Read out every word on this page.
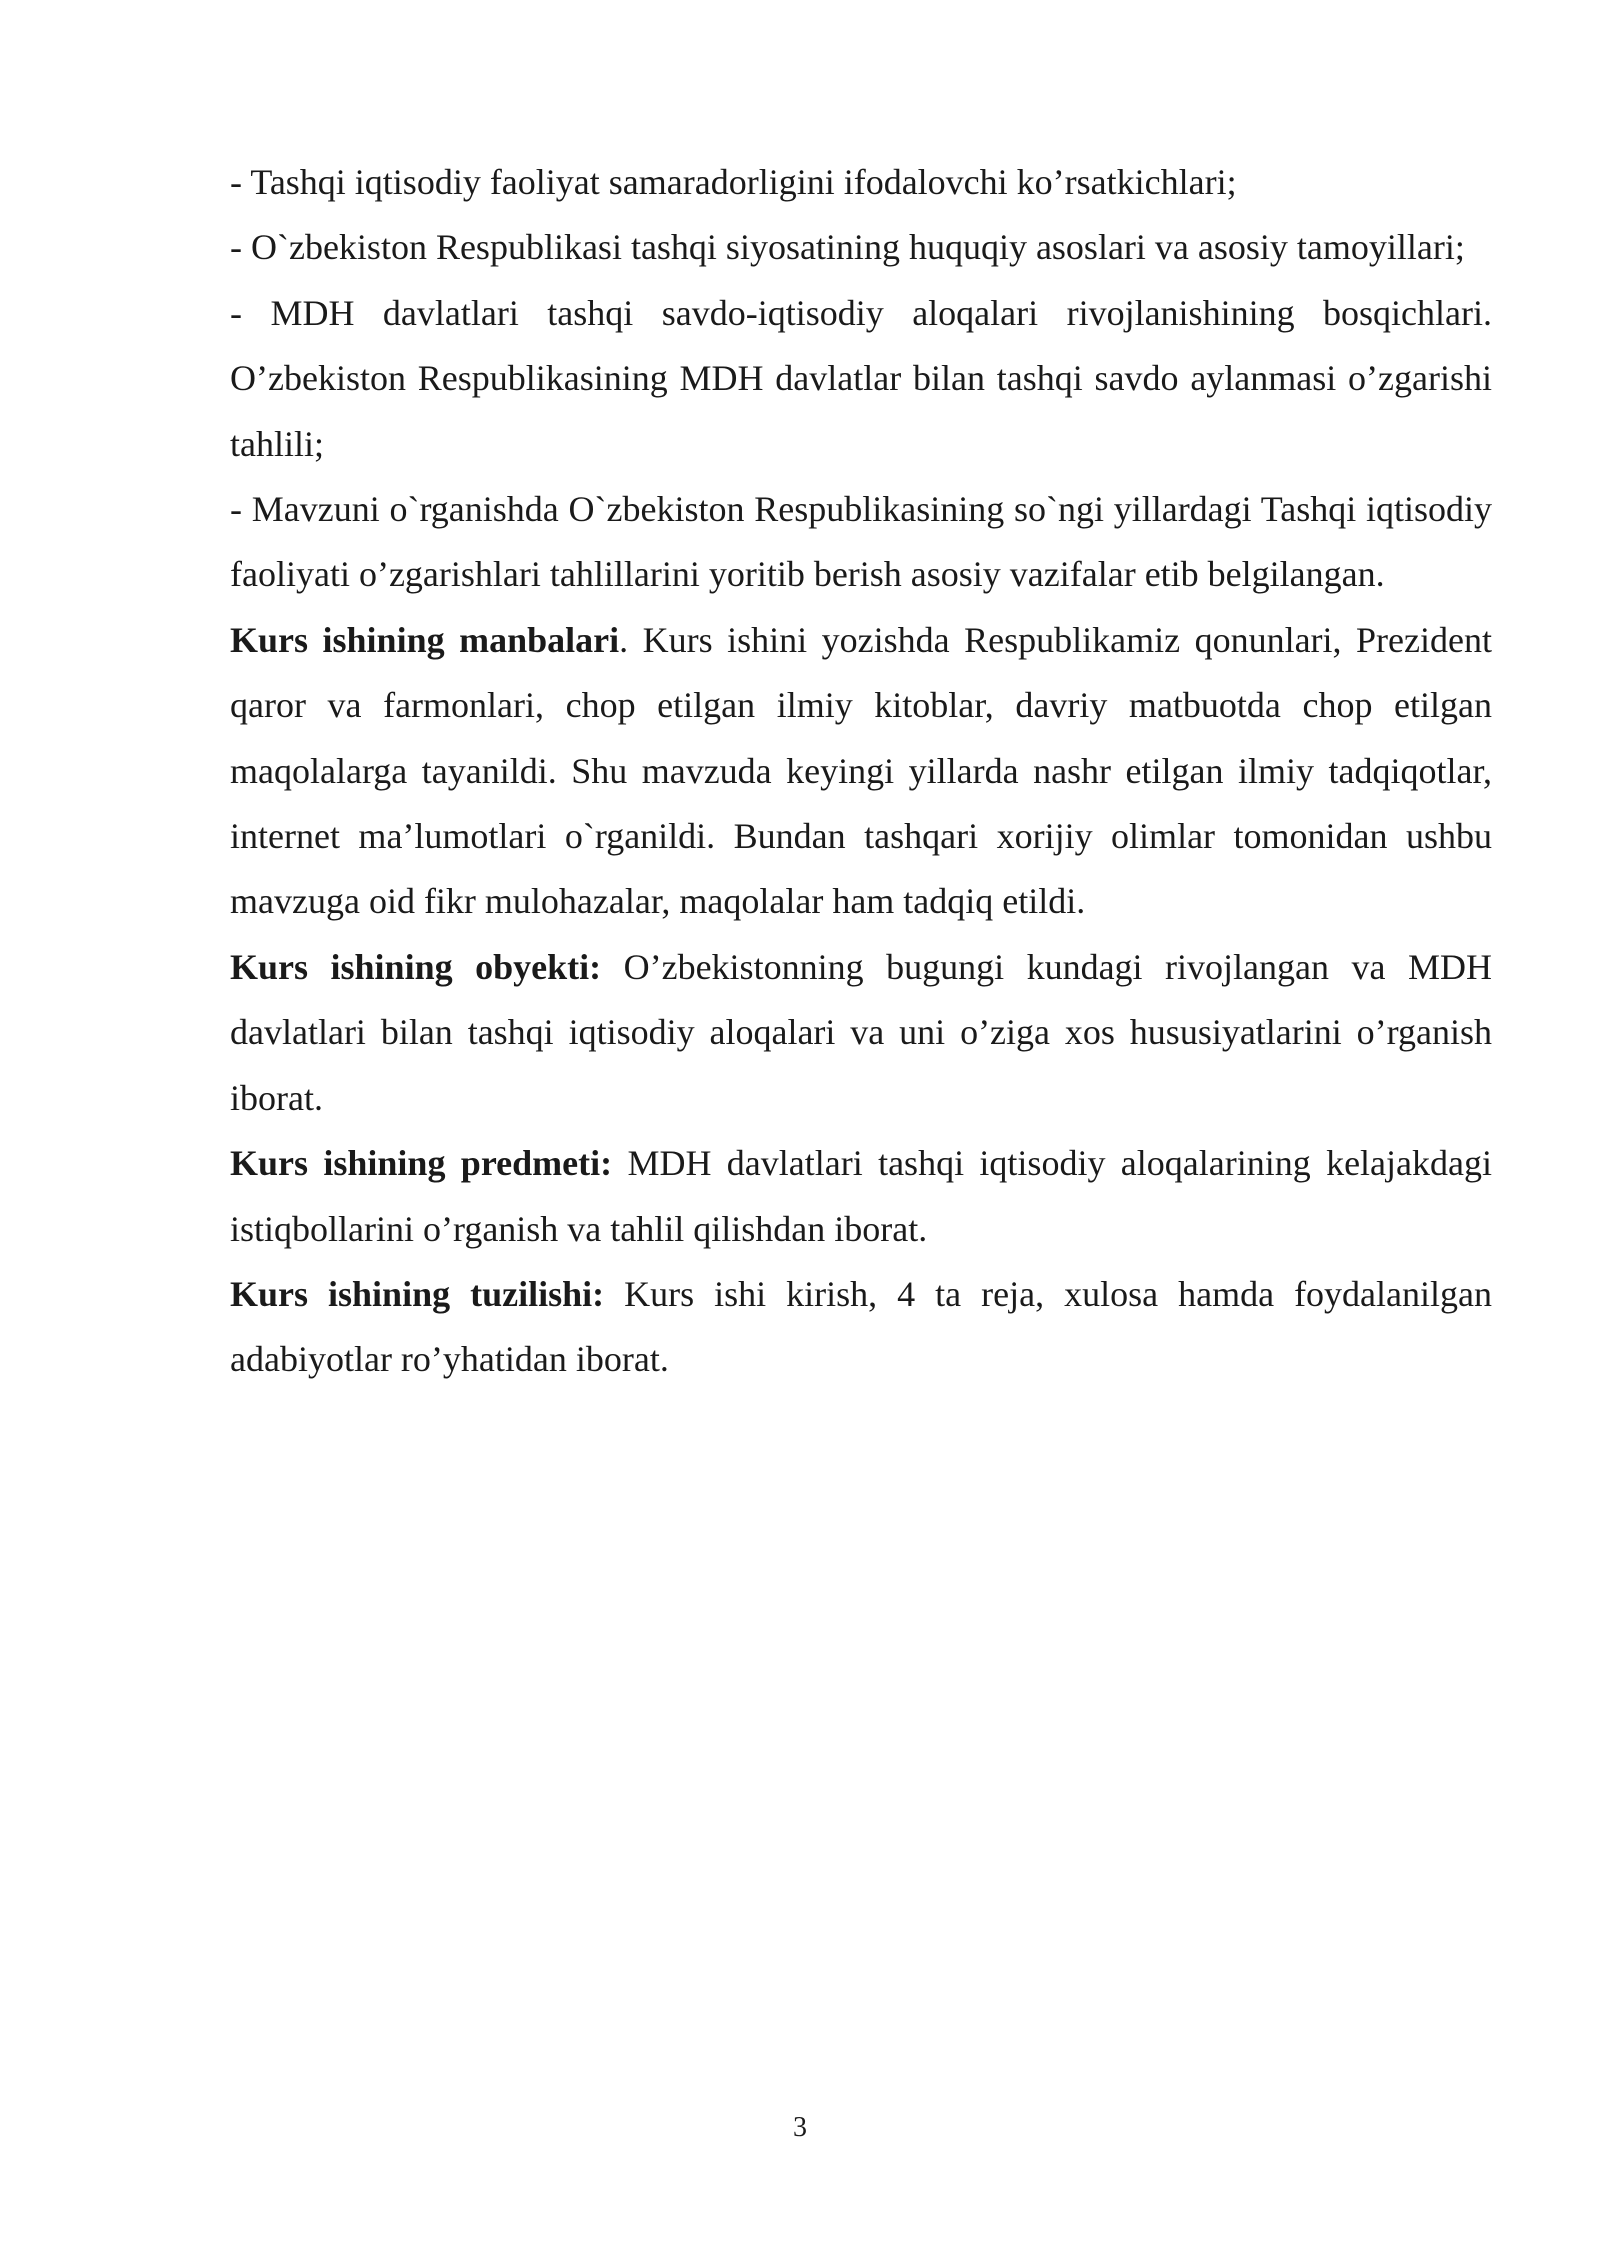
- Tashqi iqtisodiy faoliyat samaradorligini ifodalovchi ko’rsatkichlari;

- O`zbekiston Respublikasi tashqi siyosatining huquqiy asoslari va asosiy tamoyillari;

- MDH davlatlari tashqi savdo-iqtisodiy aloqalari rivojlanishining bosqichlari. O’zbekiston Respublikasining MDH davlatlar bilan tashqi savdo aylanmasi o’zgarishi tahlili;

- Mavzuni o`rganishda O`zbekiston Respublikasining so`ngi yillardagi Tashqi iqtisodiy faoliyati o’zgarishlari tahlillarini yoritib berish asosiy vazifalar etib belgilangan.

Kurs ishining manbalari. Kurs ishini yozishda Respublikamiz qonunlari, Prezident qaror va farmonlari, chop etilgan ilmiy kitoblar, davriy matbuotda chop etilgan maqolalarga tayanildi. Shu mavzuda keyingi yillarda nashr etilgan ilmiy tadqiqotlar, internet ma’lumotlari o`rganildi. Bundan tashqari xorijiy olimlar tomonidan ushbu mavzuga oid fikr mulohazalar, maqolalar ham tadqiq etildi.

Kurs ishining obyekti: O’zbekistonning bugungi kundagi rivojlangan va MDH davlatlari bilan tashqi iqtisodiy aloqalari va uni o’ziga xos hususiyatlarini o’rganish iborat.

Kurs ishining predmeti: MDH davlatlari tashqi iqtisodiy aloqalarining kelajakdagi istiqbollarini o’rganish va tahlil qilishdan iborat.

Kurs ishining tuzilishi: Kurs ishi kirish, 4 ta reja, xulosa hamda foydalanilgan adabiyotlar ro’yhatidan iborat.

3
